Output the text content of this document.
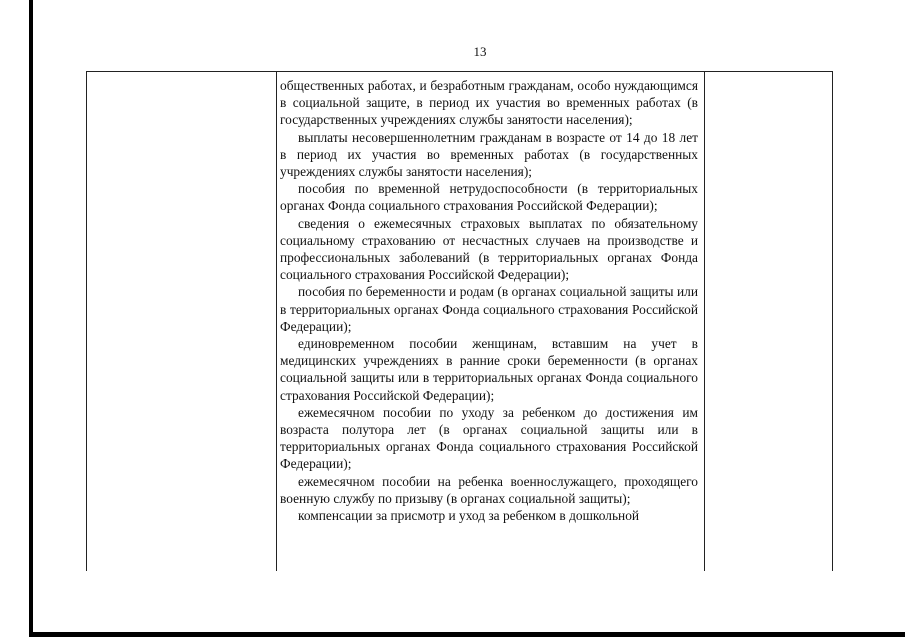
13

общественных работах, и безработным гражданам, особо нуждающимся в социальной защите, в период их участия во временных работах (в государственных учреждениях службы занятости населения);

выплаты несовершеннолетним гражданам в возрасте от 14 до 18 лет в период их участия во временных работах (в государственных учреждениях службы занятости населения);

пособия по временной нетрудоспособности (в территориальных органах Фонда социального страхования Российской Федерации);

сведения о ежемесячных страховых выплатах по обязательному социальному страхованию от несчастных случаев на производстве и профессиональных заболеваний (в территориальных органах Фонда социального страхования Российской Федерации);

пособия по беременности и родам (в органах социальной защиты или в территориальных органах Фонда социального страхования Российской Федерации);

единовременном пособии женщинам, вставшим на учет в медицинских учреждениях в ранние сроки беременности (в органах социальной защиты или в территориальных органах Фонда социального страхования Российской Федерации);

ежемесячном пособии по уходу за ребенком до достижения им возраста полутора лет (в органах социальной защиты или в территориальных органах Фонда социального страхования Российской Федерации);

ежемесячном пособии на ребенка военнослужащего, проходящего военную службу по призыву (в органах социальной защиты);

компенсации за присмотр и уход за ребенком в дошкольной
